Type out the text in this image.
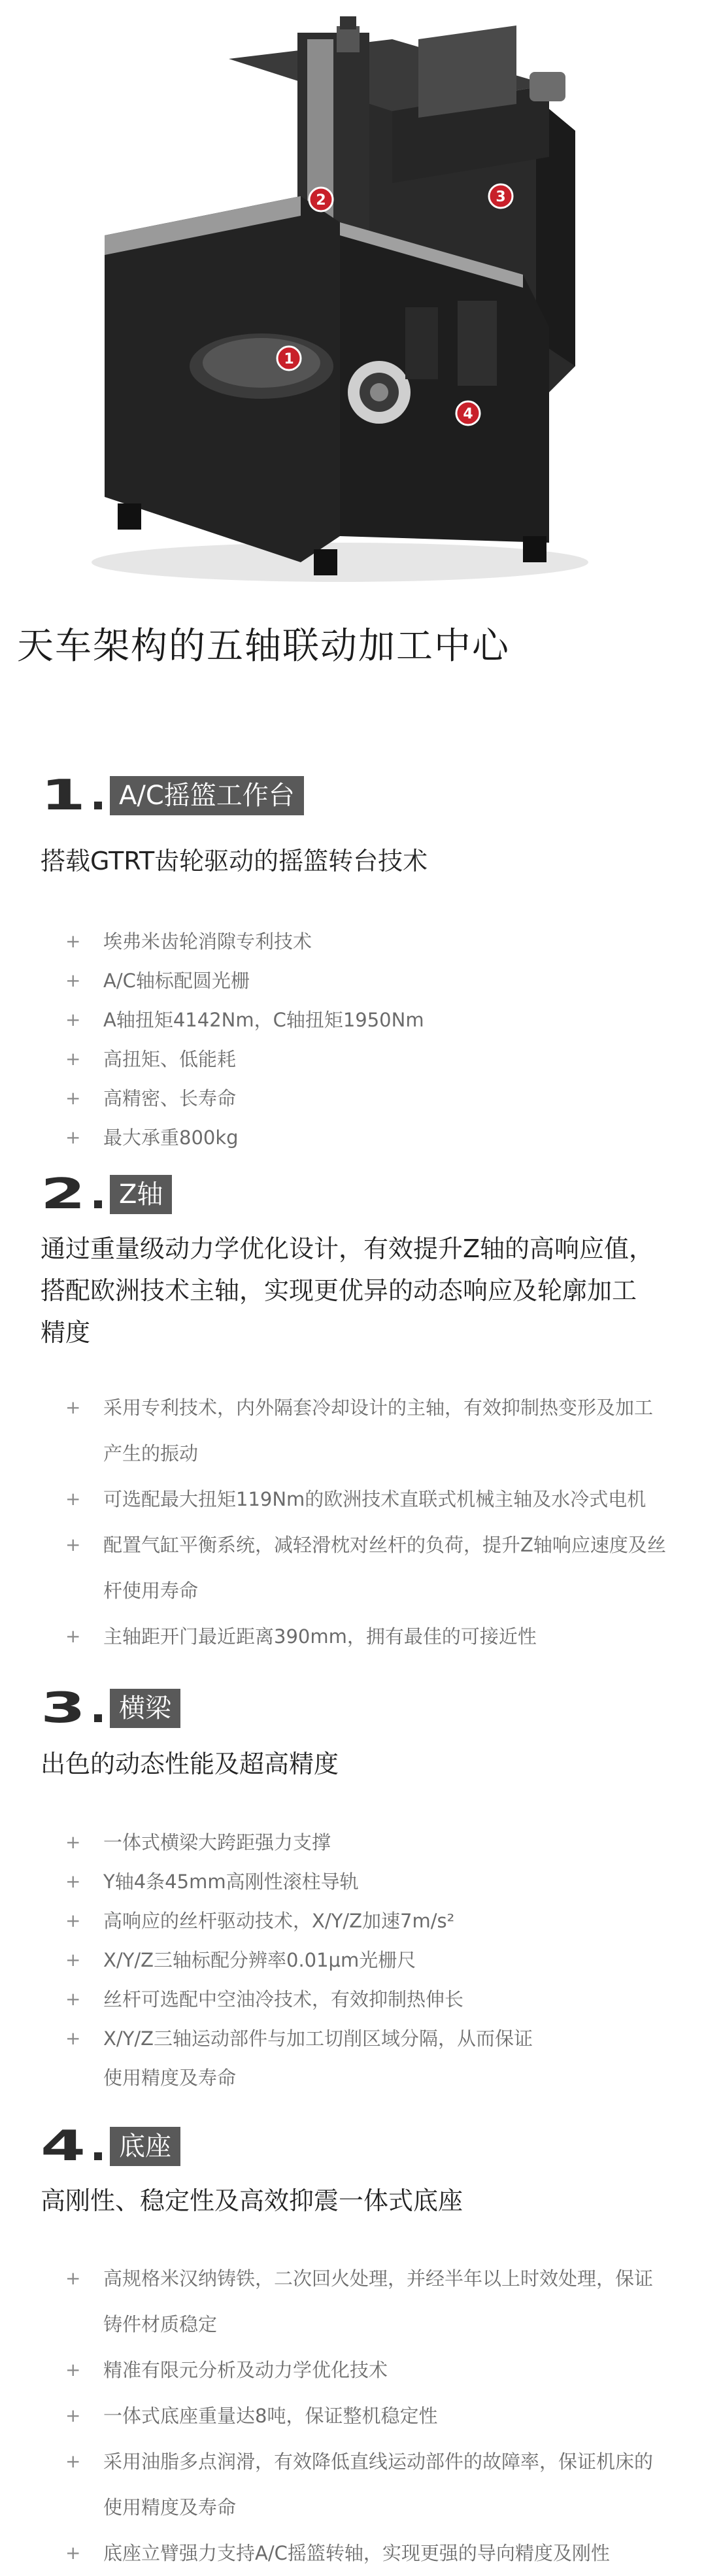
1
2	3
4
天车架构的五轴联动加工中心
1	A/C摇篮工作台

搭载GTRT齿轮驱动的摇篮转台技术

+ 埃弗米齿轮消隙专利技术
+ A/C轴标配圆光栅
+ A轴扭矩4142Nm，C轴扭矩1950Nm
+ 高扭矩、低能耗
+ 高精密、长寿命
+ 最大承重800kg
2	Z轴
通过重量级动力学优化设计，有效提升Z轴的高响应值，
搭配欧洲技术主轴，实现更优异的动态响应及轮廓加工
精度
+ 采用专利技术，内外隔套冷却设计的主轴，有效抑制热变形及加工产生的振动
+ 可选配最大扭矩119Nm的欧洲技术直联式机械主轴及水冷式电机
+ 配置气缸平衡系统，减轻滑枕对丝杆的负荷，提升Z轴响应速度及丝杆使用寿命
+ 主轴距开门最近距离390mm，拥有最佳的可接近性
3	横梁

出色的动态性能及超高精度

+ 一体式横梁大跨距强力支撑
+ Y轴4条45mm高刚性滚柱导轨
+ 高响应的丝杆驱动技术，X/Y/Z加速7m/s²
+ X/Y/Z三轴标配分辨率0.01μm光栅尺
+ 丝杆可选配中空油冷技术，有效抑制热伸长
+ X/Y/Z三轴运动部件与加工切削区域分隔，从而保证使用精度及寿命
4	底座

高刚性、稳定性及高效抑震一体式底座

+ 高规格米汉纳铸铁，二次回火处理，并经半年以上时效处理，保证铸件材质稳定
+ 精准有限元分析及动力学优化技术
+ 一体式底座重量达8吨，保证整机稳定性
+ 采用油脂多点润滑，有效降低直线运动部件的故障率，保证机床的使用精度及寿命
+ 底座立臂强力支持A/C摇篮转轴，实现更强的导向精度及刚性
